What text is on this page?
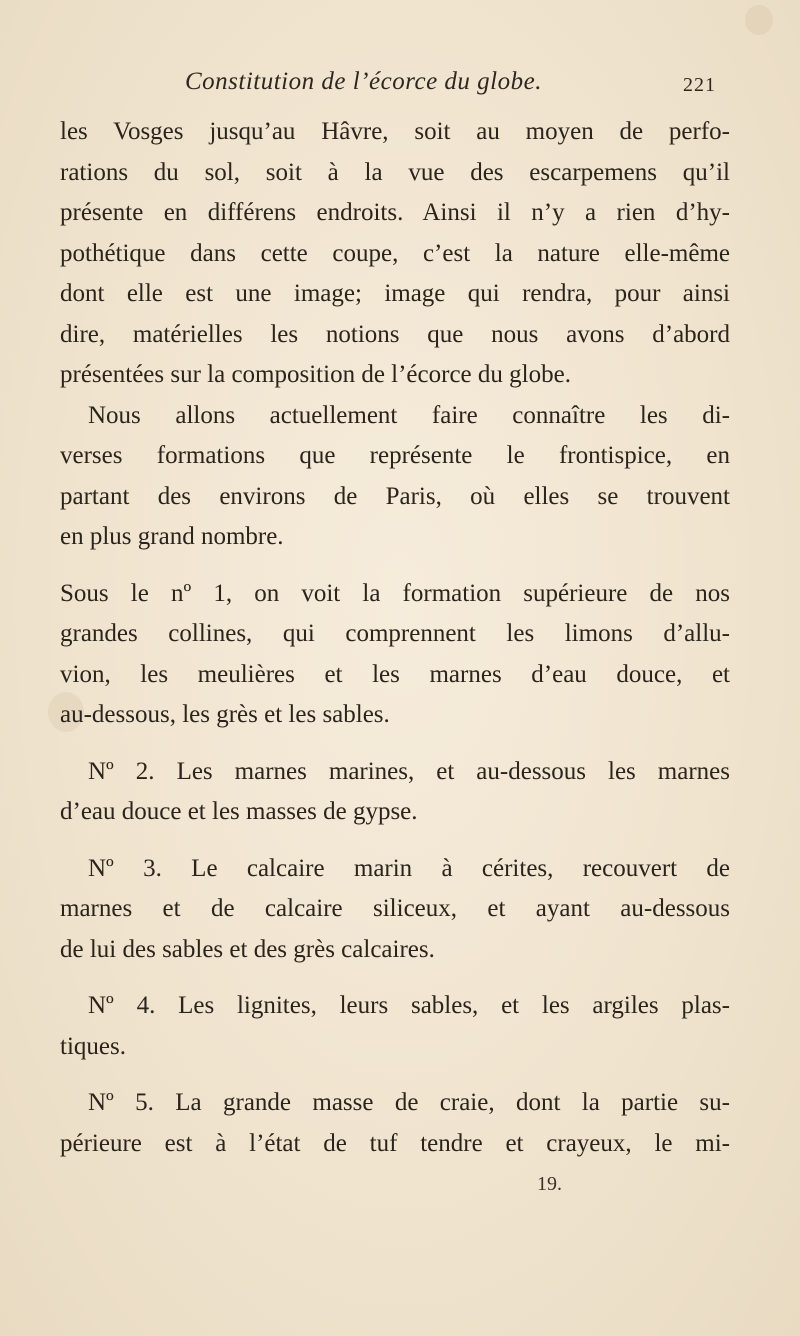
Constitution de l’écorce du globe.	221
les Vosges jusqu’au Hâvre, soit au moyen de perfo-
rations du sol, soit à la vue des escarpemens qu’il
présente en différens endroits. Ainsi il n’y a rien d’hy-
pothétique dans cette coupe, c’est la nature elle-même
dont elle est une image; image qui rendra, pour ainsi
dire, matérielles les notions que nous avons d’abord
présentées sur la composition de l’écorce du globe.
Nous allons actuellement faire connaître les di-
verses formations que représente le frontispice, en
partant des environs de Paris, où elles se trouvent
en plus grand nombre.
Sous le nº 1, on voit la formation supérieure de nos
grandes collines, qui comprennent les limons d’allu-
vion, les meulières et les marnes d’eau douce, et
au-dessous, les grès et les sables.
Nº 2. Les marnes marines, et au-dessous les marnes
d’eau douce et les masses de gypse.
Nº 3. Le calcaire marin à cérites, recouvert de
marnes et de calcaire siliceux, et ayant au-dessous
de lui des sables et des grès calcaires.
Nº 4. Les lignites, leurs sables, et les argiles plas-
tiques.
Nº 5. La grande masse de craie, dont la partie su-
périeure est à l’état de tuf tendre et crayeux, le mi-
19.
